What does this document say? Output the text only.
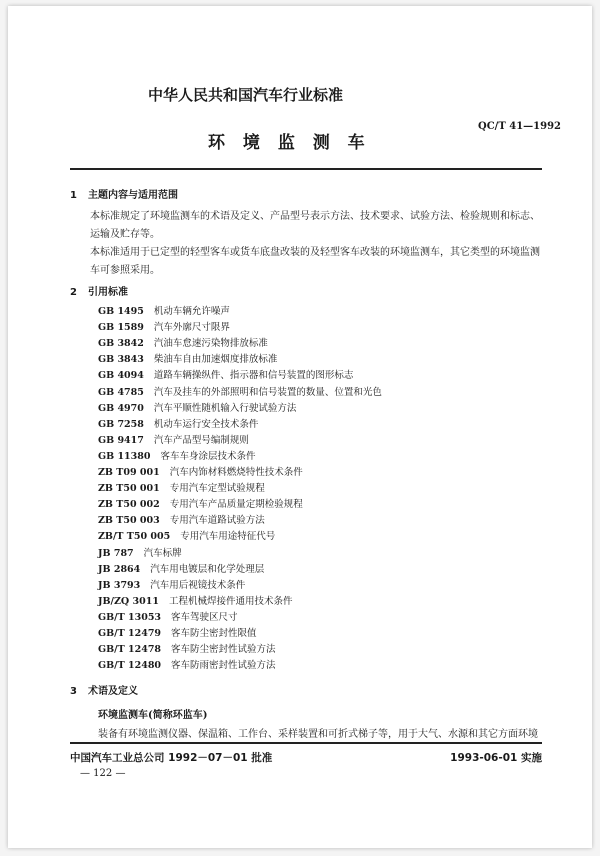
中华人民共和国汽车行业标准
QC/T 41—1992
环 境 监 测 车
1 主题内容与适用范围
本标准规定了环境监测车的术语及定义、产品型号表示方法、技术要求、试验方法、检验规则和标志、运输及贮存等。
本标准适用于已定型的轻型客车或货车底盘改装的及轻型客车改装的环境监测车，其它类型的环境监测车可参照采用。
2 引用标准
GB 1495 机动车辆允许噪声
GB 1589 汽车外廓尺寸限界
GB 3842 汽油车怠速污染物排放标准
GB 3843 柴油车自由加速烟度排放标准
GB 4094 道路车辆操纵件、指示器和信号装置的图形标志
GB 4785 汽车及挂车的外部照明和信号装置的数量、位置和光色
GB 4970 汽车平顺性随机输入行驶试验方法
GB 7258 机动车运行安全技术条件
GB 9417 汽车产品型号编制规则
GB 11380 客车车身涂层技术条件
ZB T09 001 汽车内饰材料燃烧特性技术条件
ZB T50 001 专用汽车定型试验规程
ZB T50 002 专用汽车产品质量定期检验规程
ZB T50 003 专用汽车道路试验方法
ZB/T T50 005 专用汽车用途特征代号
JB 787 汽车标牌
JB 2864 汽车用电镀层和化学处理层
JB 3793 汽车用后视镜技术条件
JB/ZQ 3011 工程机械焊接件通用技术条件
GB/T 13053 客车驾驶区尺寸
GB/T 12479 客车防尘密封性限值
GB/T 12478 客车防尘密封性试验方法
GB/T 12480 客车防雨密封性试验方法
3 术语及定义
环境监测车(简称环监车)
装备有环境监测仪器、保温箱、工作台、采样装置和可折式梯子等，用于大气、水源和其它方面环境
中国汽车工业总公司 1992－07－01 批准	1993-06-01 实施
— 122 —
